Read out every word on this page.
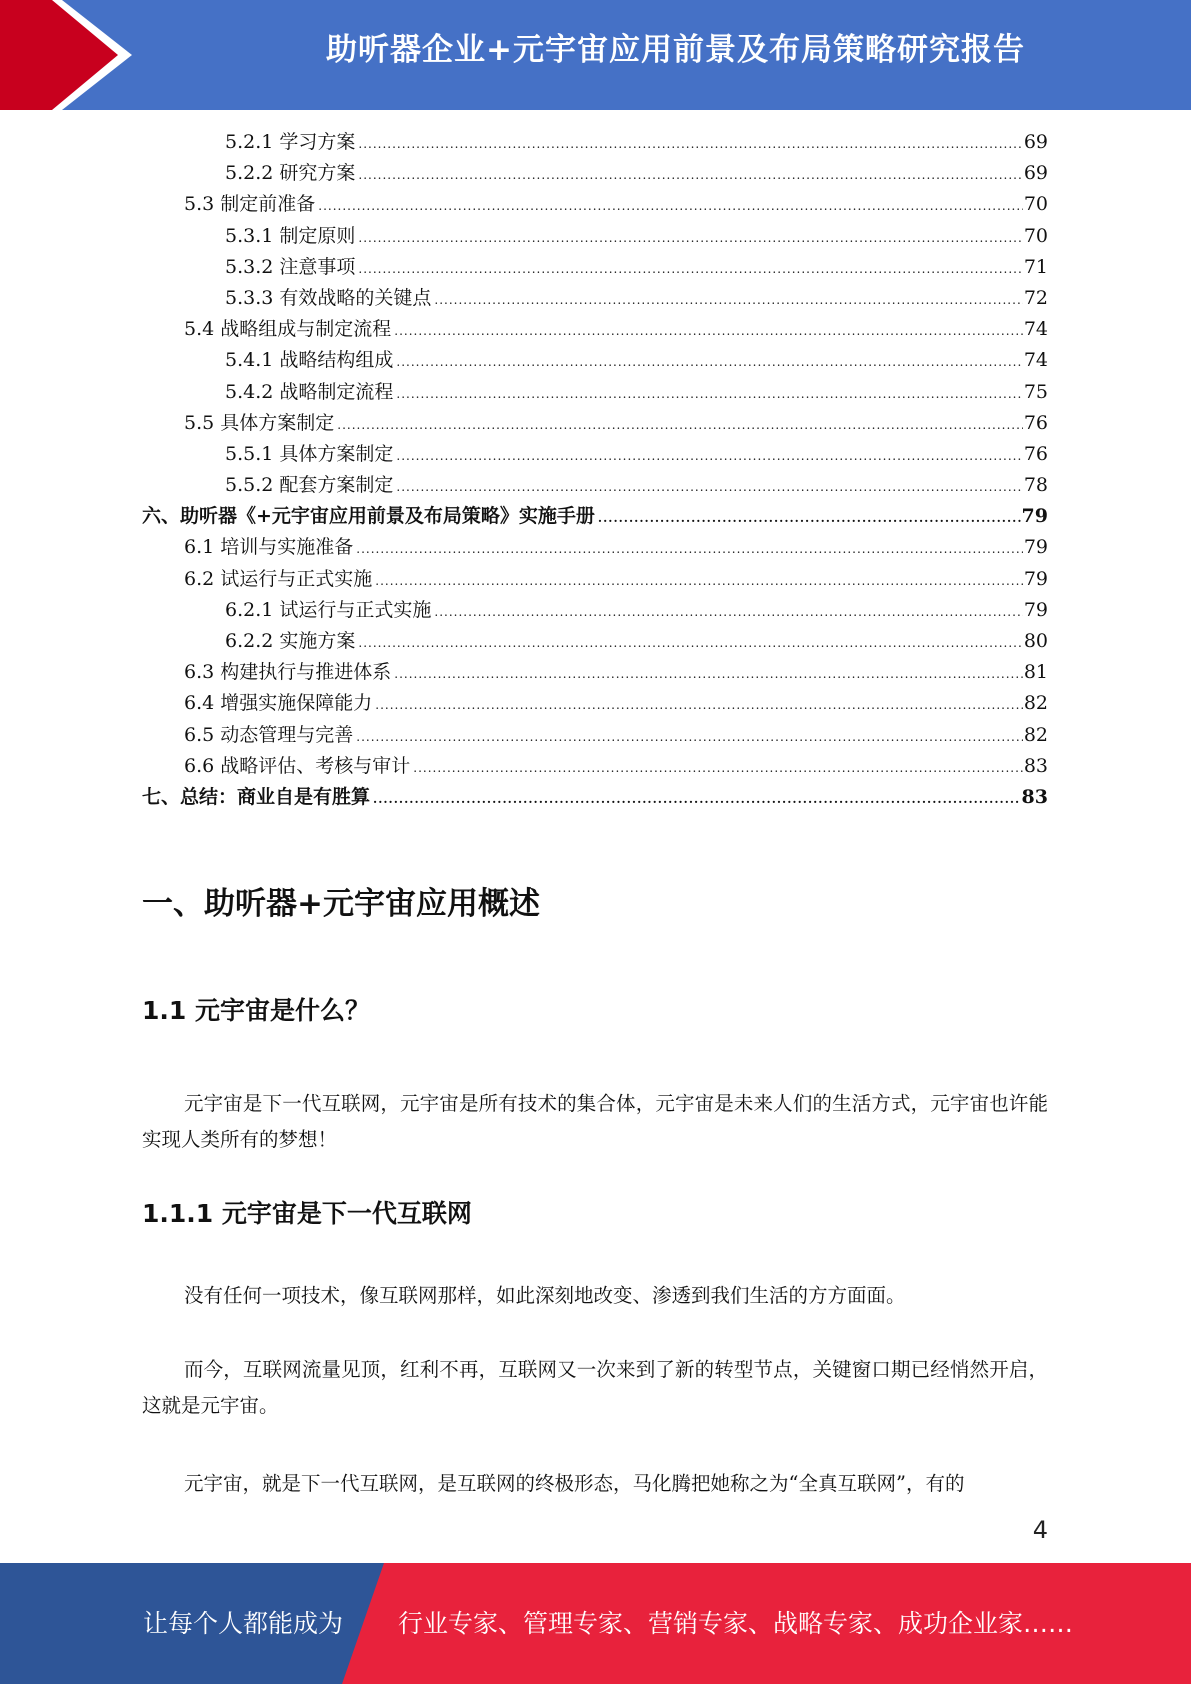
助听器企业+元宇宙应用前景及布局策略研究报告
5.2.1 学习方案 .....	69
5.2.2 研究方案 .....	69
5.3 制定前准备 .....	70
5.3.1 制定原则 .....	70
5.3.2 注意事项 .....	71
5.3.3 有效战略的关键点 .....	72
5.4 战略组成与制定流程 .....	74
5.4.1 战略结构组成 .....	74
5.4.2 战略制定流程 .....	75
5.5 具体方案制定 .....	76
5.5.1 具体方案制定 .....	76
5.5.2 配套方案制定 .....	78
六、助听器《+元宇宙应用前景及布局策略》实施手册 .....	79
6.1 培训与实施准备 .....	79
6.2 试运行与正式实施 .....	79
6.2.1 试运行与正式实施 .....	79
6.2.2 实施方案 .....	80
6.3 构建执行与推进体系 .....	81
6.4 增强实施保障能力 .....	82
6.5 动态管理与完善 .....	82
6.6 战略评估、考核与审计 .....	83
七、总结：商业自是有胜算 .....	83
一、助听器+元宇宙应用概述
1.1 元宇宙是什么？

元宇宙是下一代互联网，元宇宙是所有技术的集合体，元宇宙是未来人们的生活方式，元宇宙也许能实现人类所有的梦想！

1.1.1 元宇宙是下一代互联网

没有任何一项技术，像互联网那样，如此深刻地改变、渗透到我们生活的方方面面。

而今，互联网流量见顶，红利不再，互联网又一次来到了新的转型节点，关键窗口期已经悄然开启，这就是元宇宙。

元宇宙，就是下一代互联网，是互联网的终极形态，马化腾把她称之为“全真互联网”，有的

4
让每个人都能成为 行业专家、管理专家、营销专家、战略专家、成功企业家……
